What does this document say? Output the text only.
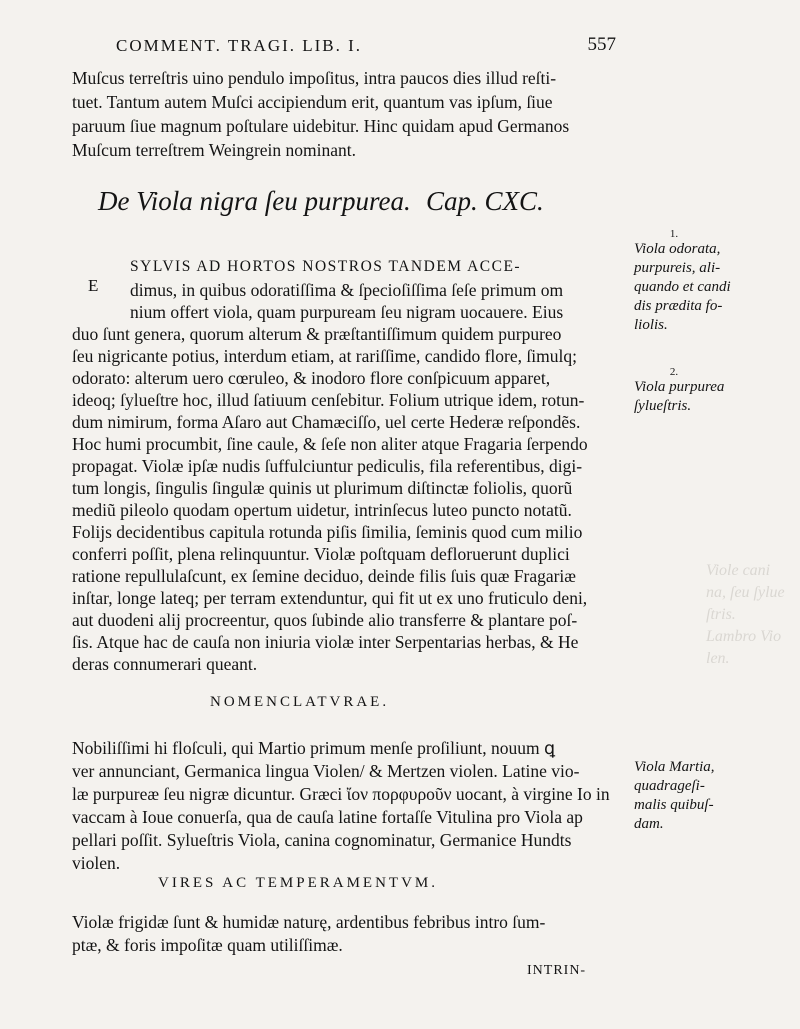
Viole cani
na, ſeu ſylue
ſtris.
Lambro Vio
len.
COMMENT. TRAGI. LIB. I.	557
Muſcus terreſtris uino pendulo impoſitus, intra paucos dies illud reſti-
tuet. Tantum autem Muſci accipiendum erit, quantum vas ipſum, ſiue
paruum ſiue magnum poſtulare uidebitur. Hinc quidam apud Germanos
Muſcum terreſtrem Weingrein nominant.
De Viola nigra ſeu purpurea. Cap. CXC.
E
SYLVIS AD HORTOS NOSTROS TANDEM ACCE-
dimus, in quibus odoratiſſima & ſpecioſiſſima ſeſe primum om
nium offert viola, quam purpuream ſeu nigram uocauere. Eius
duo ſunt genera, quorum alterum & præſtantiſſimum quidem purpureo
ſeu nigricante potius, interdum etiam, at rariſſime, candido flore, ſimulq;
odorato: alterum uero cœruleo, & inodoro flore conſpicuum apparet,
ideoq; ſylueſtre hoc, illud ſatiuum cenſebitur. Folium utrique idem, rotun-
dum nimirum, forma Aſaro aut Chamæciſſo, uel certe Hederæ reſpondẽs.
Hoc humi procumbit, ſine caule, & ſeſe non aliter atque Fragaria ſerpendo
propagat. Violæ ipſæ nudis ſuffulciuntur pediculis, fila referentibus, digi-
tum longis, ſingulis ſingulæ quinis ut plurimum diſtinctæ foliolis, quorũ
mediũ pileolo quodam opertum uidetur, intrinſecus luteo puncto notatũ.
Folijs decidentibus capitula rotunda piſis ſimilia, ſeminis quod cum milio
conferri poſſit, plena relinquuntur. Violæ poſtquam defloruerunt duplici
ratione repullulaſcunt, ex ſemine deciduo, deinde filis ſuis quæ Fragariæ
inſtar, longe lateq; per terram extenduntur, qui fit ut ex uno fruticulo deni,
aut duodeni alij procreentur, quos ſubinde alio transferre & plantare poſ-
ſis. Atque hac de cauſa non iniuria violæ inter Serpentarias herbas, & He
deras connumerari queant.
NOMENCLATVRAE.
Nobiliſſimi hi floſculi, qui Martio primum menſe proſiliunt, nouum ꝗ
ver annunciant, Germanica lingua Violen/ & Mertzen violen. Latine vio-
læ purpureæ ſeu nigræ dicuntur. Græci ἴον πορφυροῦν uocant, à virgine Io in
vaccam à Ioue conuerſa, qua de cauſa latine fortaſſe Vitulina pro Viola ap
pellari poſſit. Sylueſtris Viola, canina cognominatur, Germanice Hundts
violen.
VIRES AC TEMPERAMENTVM.
Violæ frigidæ ſunt & humidæ naturę, ardentibus febribus intro ſum-
ptæ, & foris impoſitæ quam utiliſſimæ.
INTRIN-
1.
Viola odorata,
purpureis, ali-
quando et candi
dis prædita fo-
liolis.
2.
Viola purpurea
ſylueſtris.
Viola Martia,
quadrageſi-
malis quibuſ-
dam.
